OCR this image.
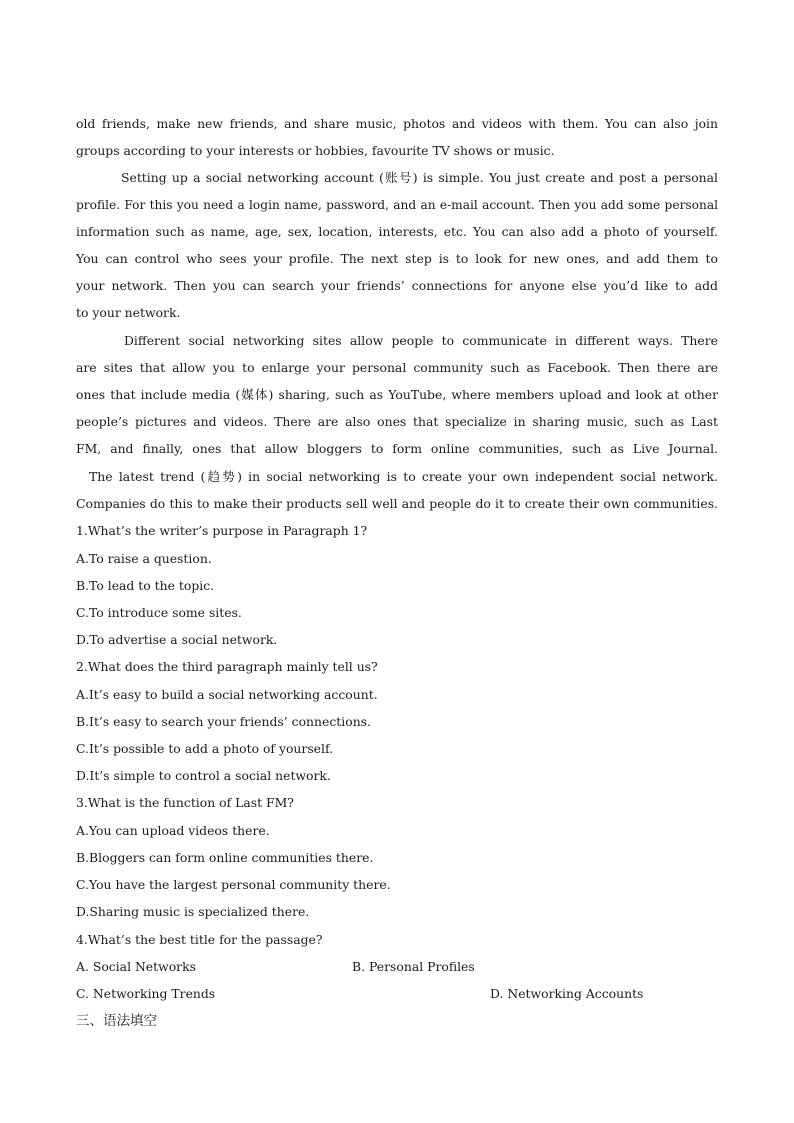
old friends, make new friends, and share music, photos and videos with them. You can also join
groups according to your interests or hobbies, favourite TV shows or music.
Setting up a social networking account (账号) is simple. You just create and post a personal
profile. For this you need a login name, password, and an e-mail account. Then you add some personal
information such as name, age, sex, location, interests, etc. You can also add a photo of yourself.
You can control who sees your profile. The next step is to look for new ones, and add them to
your network. Then you can search your friends’ connections for anyone else you’d like to add
to your network.
Different social networking sites allow people to communicate in different ways. There
are sites that allow you to enlarge your personal community such as Facebook. Then there are
ones that include media (媒体) sharing, such as YouTube, where members upload and look at other
people’s pictures and videos. There are also ones that specialize in sharing music, such as Last
FM, and finally, ones that allow bloggers to form online communities, such as Live Journal.
The latest trend (趋势) in social networking is to create your own independent social network.
Companies do this to make their products sell well and people do it to create their own communities.
1.What’s the writer’s purpose in Paragraph 1?
A.To raise a question.
B.To lead to the topic.
C.To introduce some sites.
D.To advertise a social network.
2.What does the third paragraph mainly tell us?
A.It’s easy to build a social networking account.
B.It’s easy to search your friends’ connections.
C.It’s possible to add a photo of yourself.
D.It’s simple to control a social network.
3.What is the function of Last FM?
A.You can upload videos there.
B.Bloggers can form online communities there.
C.You have the largest personal community there.
D.Sharing music is specialized there.
4.What’s the best title for the passage?
A. Social Networks	B. Personal Profiles
C. Networking Trends	D. Networking Accounts
三、语法填空
